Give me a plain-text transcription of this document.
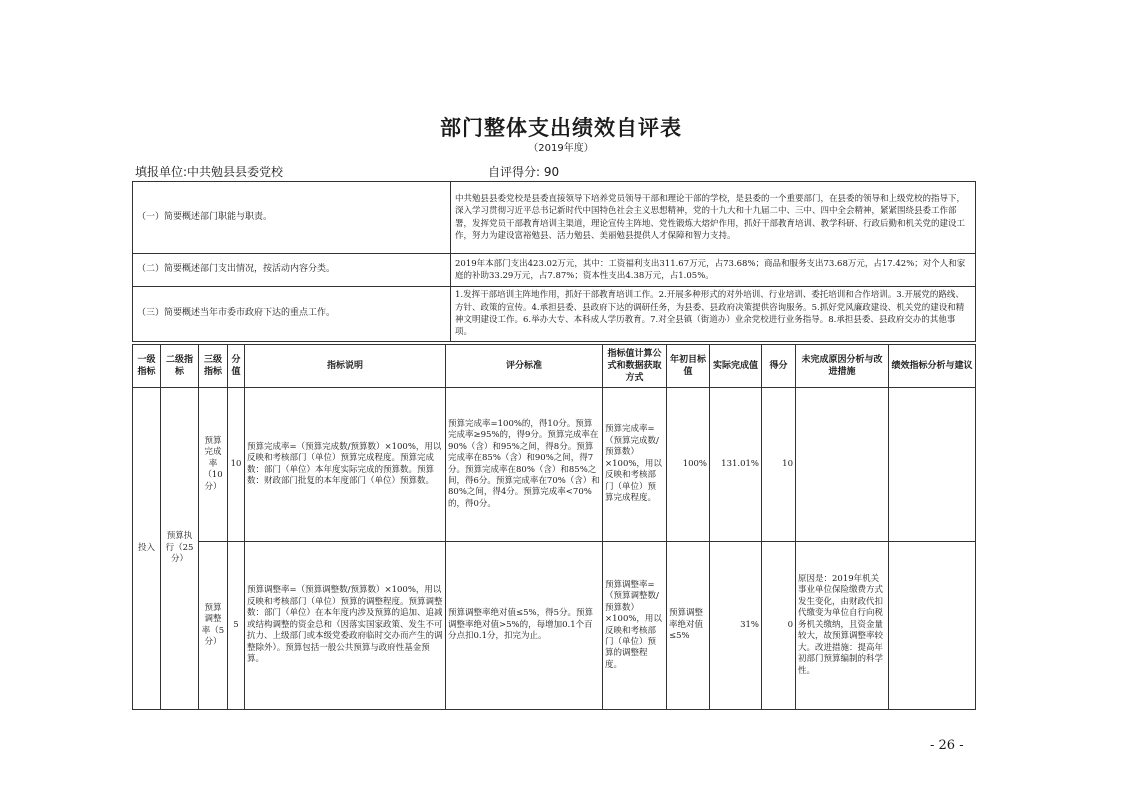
部门整体支出绩效自评表
（2019年度）
填报单位:中共勉县县委党校	自评得分: 90
（一）简要概述部门职能与职责。	中共勉县县委党校是县委直接领导下培养党员领导干部和理论干部的学校，是县委的一个重要部门，在县委的领导和上级党校的指导下，深入学习贯彻习近平总书记新时代中国特色社会主义思想精神，党的十九大和十九届二中、三中、四中全会精神，紧紧围绕县委工作部署，发挥党员干部教育培训主渠道，理论宣传主阵地、党性锻炼大熔炉作用，抓好干部教育培训、教学科研、行政后勤和机关党的建设工作，努力为建设富裕勉县、活力勉县、美丽勉县提供人才保障和智力支持。
（二）简要概述部门支出情况，按活动内容分类。	2019年本部门支出423.02万元，其中：工资福利支出311.67万元，占73.68%；商品和服务支出73.68万元，占17.42%；对个人和家庭的补助33.29万元，占7.87%；资本性支出4.38万元，占1.05%。
（三）简要概述当年市委市政府下达的重点工作。	1.发挥干部培训主阵地作用，抓好干部教育培训工作。2.开展多种形式的对外培训、行业培训、委托培训和合作培训。3.开展党的路线、方针、政策的宣传。4.承担县委、县政府下达的调研任务，为县委、县政府决策提供咨询服务。5.抓好党风廉政建设、机关党的建设和精神文明建设工作。6.举办大专、本科成人学历教育。7.对全县镇（街道办）业余党校进行业务指导。8.承担县委、县政府交办的其他事项。
一级指标	二级指标	三级指标	分值	指标说明	评分标准	指标值计算公式和数据获取方式	年初目标值	实际完成值	得分	未完成原因分析与改进措施	绩效指标分析与建议
投入	预算执行（25分）	预算完成率（10分）	10	预算完成率=（预算完成数/预算数）×100%，用以反映和考核部门（单位）预算完成程度。预算完成数：部门（单位）本年度实际完成的预算数。预算数：财政部门批复的本年度部门（单位）预算数。	预算完成率=100%的，得10分。预算完成率≥95%的，得9分。预算完成率在90%（含）和95%之间，得8分。预算完成率在85%（含）和90%之间，得7分。预算完成率在80%（含）和85%之间，得6分。预算完成率在70%（含）和80%之间，得4分。预算完成率<70%的，得0分。	预算完成率=（预算完成数/预算数）×100%，用以反映和考核部门（单位）预算完成程度。	100%	131.01%	10		
		预算调整率（5分）	5	预算调整率=（预算调整数/预算数）×100%，用以反映和考核部门（单位）预算的调整程度。预算调整数：部门（单位）在本年度内涉及预算的追加、追减或结构调整的资金总和（因落实国家政策、发生不可抗力、上级部门或本级党委政府临时交办而产生的调整除外）。预算包括一般公共预算与政府性基金预算。	预算调整率绝对值≤5%，得5分。预算调整率绝对值>5%的，每增加0.1个百分点扣0.1分，扣完为止。	预算调整率=（预算调整数/预算数）×100%，用以反映和考核部门（单位）预算的调整程度。	预算调整率绝对值≤5%	31%	0	原因是：2019年机关事业单位保险缴费方式发生变化，由财政代扣代缴变为单位自行向税务机关缴纳，且资金量较大，故预算调整率较大。改进措施：提高年初部门预算编制的科学性。	
- 26 -
